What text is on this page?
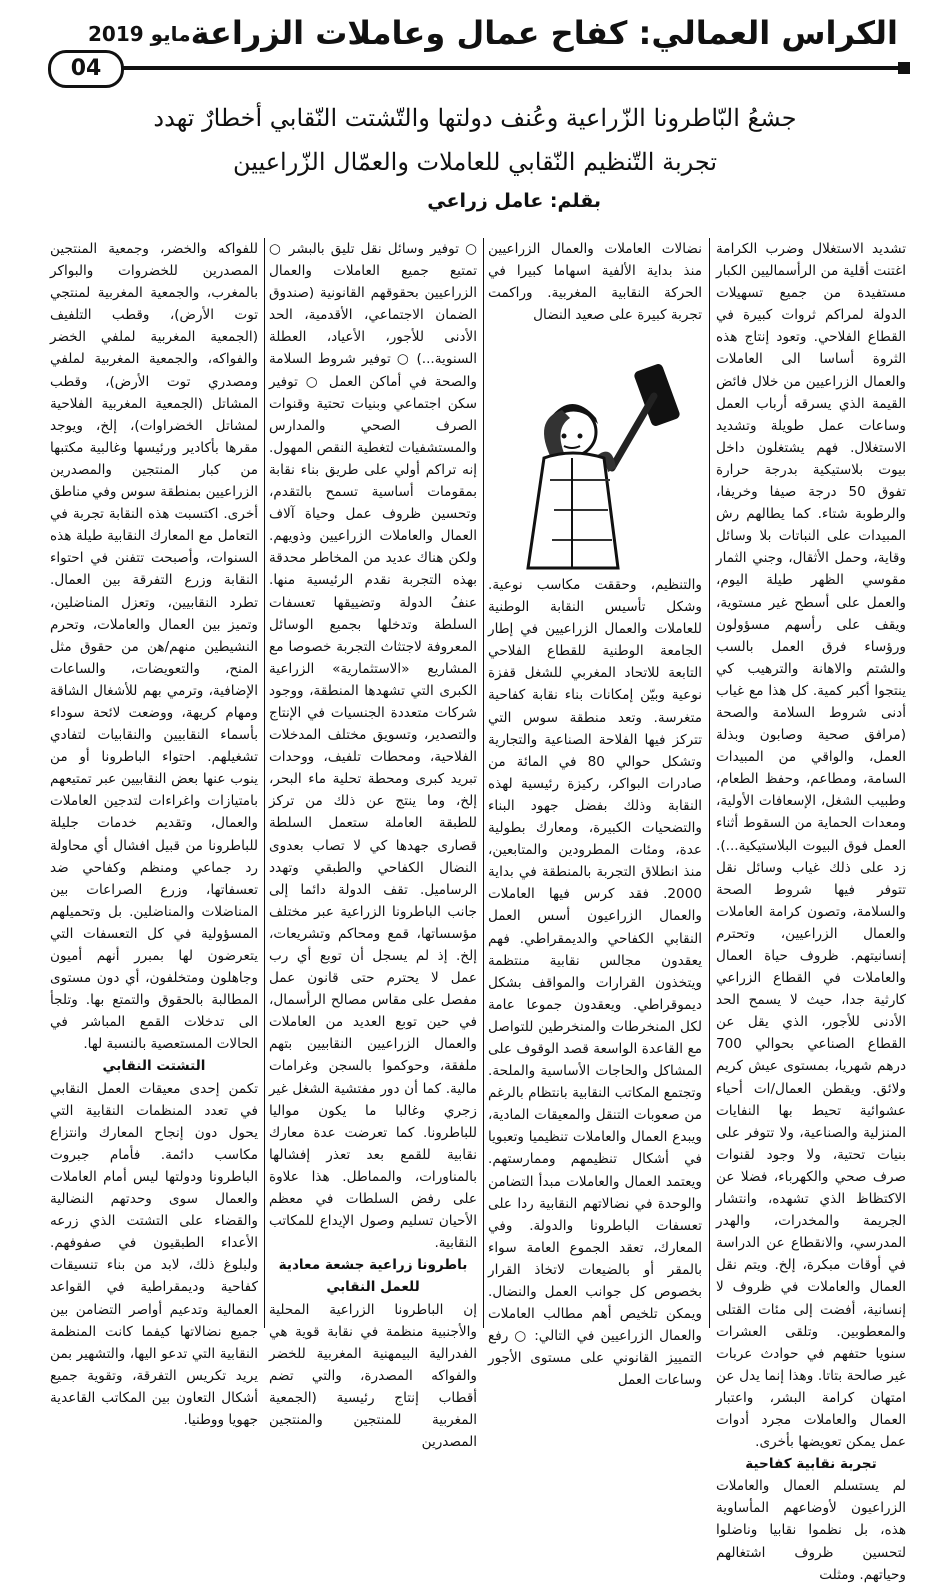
الكراس العمالي: كفاح عمال وعاملات الزراعة
مايو 2019
04
جشعُ البّاطرونا الزّراعية وعُنف دولتها والتّشتت النّقابي أخطارٌ تهدد
تجربة التّنظيم النّقابي للعاملات والعمّال الزّراعيين
بقلم: عامل زراعي

تشديد الاستغلال وضرب الكرامة اغتنت أقلية من الرأسماليين الكبار مستفيدة من جميع تسهيلات الدولة لمراكم ثروات كبيرة في القطاع الفلاحي. وتعود إنتاج هذه الثروة أساسا الى العاملات والعمال الزراعيين من خلال فائض القيمة الذي يسرقه أرباب العمل وساعات عمل طويلة وتشديد الاستغلال. فهم يشتغلون داخل بيوت بلاستيكية بدرجة حرارة تفوق 50 درجة صيفا وخريفا، والرطوبة شتاء. كما يطالهم رش المبيدات على النباتات بلا وسائل وقاية، وحمل الأثقال، وجني الثمار مقوسي الظهر طيلة اليوم، والعمل على أسطح غير مستوية، ويقف على رأسهم مسؤولون ورؤساء فرق العمل بالسب والشتم والاهانة والترهيب كي ينتجوا أكبر كمية. كل هذا مع غياب أدنى شروط السلامة والصحة (مرافق صحية وصابون وبذلة العمل، والواقي من المبيدات السامة، ومطاعم، وحفظ الطعام، وطبيب الشغل، الإسعافات الأولية، ومعدات الحماية من السقوط أثناء العمل فوق البيوت البلاستيكية...). زد على ذلك غياب وسائل نقل تتوفر فيها شروط الصحة والسلامة، وتصون كرامة العاملات والعمال الزراعيين، وتحترم إنسانيتهم. ظروف حياة العمال والعاملات في القطاع الزراعي كارثية جدا، حيث لا يسمح الحد الأدنى للأجور، الذي يقل عن القطاع الصناعي بحوالي 700 درهم شهريا، بمستوى عيش كريم ولائق. ويقطن العمال/ات أحياء عشوائية تحيط بها النفايات المنزلية والصناعية، ولا تتوفر على بنيات تحتية، ولا وجود لقنوات صرف صحي والكهرباء، فضلا عن الاكتظاظ الذي تشهده، وانتشار الجريمة والمخدرات، والهدر المدرسي، والانقطاع عن الدراسة في أوقات مبكرة، إلخ. ويتم نقل العمال والعاملات في ظروف لا إنسانية، أفضت إلى مئات القتلى والمعطوبين. وتلقى العشرات سنويا حتفهم في حوادث عربات غير صالحة بتاتا. وهذا إنما يدل عن امتهان كرامة البشر، واعتبار العمال والعاملات مجرد أدوات عمل يمكن تعويضها بأخرى.

تجربة نقابية كفاحية

لم يستسلم العمال والعاملات الزراعيون لأوضاعهم المأساوية هذه، بل نظموا نقابيا وناضلوا لتحسين ظروف اشتغالهم وحياتهم. ومثلت

نضالات العاملات والعمال الزراعيين منذ بداية الألفية اسهاما كبيرا في الحركة النقابية المغربية. وراكمت تجربة كبيرة على صعيد النضال

والتنظيم، وحققت مكاسب نوعية. وشكل تأسيس النقابة الوطنية للعاملات والعمال الزراعيين في إطار الجامعة الوطنية للقطاع الفلاحي التابعة للاتحاد المغربي للشغل قفزة نوعية وبيّن إمكانات بناء نقابة كفاحية متغرسة. وتعد منطقة سوس التي تتركز فيها الفلاحة الصناعية والتجارية وتشكل حوالي 80 في المائة من صادرات البواكر، ركيزة رئيسية لهذه النقابة وذلك بفضل جهود البناء والتضحيات الكبيرة، ومعارك بطولية عدة، ومئات المطرودين والمتابعين، منذ انطلاق التجربة بالمنطقة في بداية 2000. فقد كرس فيها العاملات والعمال الزراعيون أسس العمل النقابي الكفاحي والديمقراطي. فهم يعقدون مجالس نقابية منتظمة ويتخذون القرارات والمواقف بشكل ديموقراطي. ويعقدون جموعا عامة لكل المنخرطات والمنخرطين للتواصل مع القاعدة الواسعة قصد الوقوف على المشاكل والحاجات الأساسية والملحة. وتجتمع المكاتب النقابية بانتظام بالرغم من صعوبات التنقل والمعيقات المادية، ويبدع العمال والعاملات تنظيميا وتعبويا في أشكال تنظيمهم وممارستهم. ويعتمد العمال والعاملات مبدأ التضامن والوحدة في نضالاتهم النقابية ردا على تعسفات الباطرونا والدولة. وفي المعارك، تعقد الجموع العامة سواء بالمقر أو بالضيعات لاتخاذ القرار بخصوص كل جوانب العمل والنضال. ويمكن تلخيص أهم مطالب العاملات والعمال الزراعيين في التالي: ○ رفع التمييز القانوني على مستوى الأجور وساعات العمل

○ توفير وسائل نقل تليق بالبشر ○ تمتيع جميع العاملات والعمال الزراعيين بحقوقهم القانونية (صندوق الضمان الاجتماعي، الأقدمية، الحد الأدنى للأجور، الأعياد، العطلة السنوية...) ○ توفير شروط السلامة والصحة في أماكن العمل ○ توفير سكن اجتماعي وبنيات تحتية وقنوات الصرف الصحي والمدارس والمستشفيات لتغطية النقص المهول. إنه تراكم أولي على طريق بناء نقابة بمقومات أساسية تسمح بالتقدم، وتحسين ظروف عمل وحياة آلاف العمال والعاملات الزراعيين وذويهم. ولكن هناك عديد من المخاطر محدقة بهذه التجربة نقدم الرئيسية منها. عنفُ الدولة وتضييقها تعسفات السلطة وتدخلها بجميع الوسائل المعروفة لاجتثاث التجربة خصوصا مع المشاريع «الاستثمارية» الزراعية الكبرى التي تشهدها المنطقة، ووجود شركات متعددة الجنسيات في الإنتاج والتصدير، وتسويق مختلف المدخلات الفلاحية، ومحطات تلفيف، ووحدات تبريد كبرى ومحطة تحلية ماء البحر، إلخ، وما ينتج عن ذلك من تركز للطبقة العاملة ستعمل السلطة قصارى جهدها كي لا تصاب بعدوى النضال الكفاحي والطبقي وتهدد الرساميل. تقف الدولة دائما إلى جانب الباطرونا الزراعية عبر مختلف مؤسساتها، قمع ومحاكم وتشريعات، إلخ. إذ لم يسجل أن توبع أي رب عمل لا يحترم حتى قانون عمل مفصل على مقاس مصالح الرأسمال، في حين توبع العديد من العاملات والعمال الزراعيين النقابيين بتهم ملفقة، وحوكموا بالسجن وغرامات مالية. كما أن دور مفتشية الشغل غير زجري وغالبا ما يكون مواليا للباطرونا. كما تعرضت عدة معارك نقابية للقمع بعد تعذر إفشالها بالمناورات، والمماطل. هذا علاوة على رفض السلطات في معظم الأحيان تسليم وصول الإيداع للمكاتب النقابية.

باطرونا زراعية جشعة معادية للعمل النقابي

إن الباطرونا الزراعية المحلية والأجنبية منظمة في نقابة قوية هي الفدرالية البيمهنية المغربية للخضر والفواكه المصدرة، والتي تضم أقطاب إنتاج رئيسية (الجمعية المغربية للمنتجين والمنتجين المصدرين

للفواكه والخضر، وجمعية المنتجين المصدرين للخضروات والبواكر بالمغرب، والجمعية المغربية لمنتجي توت الأرض)، وقطب التلفيف (الجمعية المغربية لملفي الخضر والفواكه، والجمعية المغربية لملفي ومصدري توت الأرض)، وقطب المشاتل (الجمعية المغربية الفلاحية لمشاتل الخضراوات)، إلخ، ويوجد مقرها بأكادير ورئيسها وغالبية مكتبها من كبار المنتجين والمصدرين الزراعيين بمنطقة سوس وفي مناطق أخرى. اكتسبت هذه النقابة تجربة في التعامل مع المعارك النقابية طيلة هذه السنوات، وأصبحت تتفنن في احتواء النقابة وزرع التفرقة بين العمال. تطرد النقابيين، وتعزل المناضلين، وتميز بين العمال والعاملات، وتحرم النشيطين منهم/هن من حقوق مثل المنح، والتعويضات، والساعات الإضافية، وترمي بهم للأشغال الشاقة ومهام كريهة، ووضعت لائحة سوداء بأسماء النقابيين والنقابيات لتفادي تشغيلهم. احتواء الباطرونا أو من ينوب عنها بعض النقابيين عبر تمتيعهم بامتيازات واغراءات لتدجين العاملات والعمال، وتقديم خدمات جليلة للباطرونا من قبيل افشال أي محاولة رد جماعي ومنظم وكفاحي ضد تعسفاتها، وزرع الصراعات بين المناضلات والمناضلين. بل وتحميلهم المسؤولية في كل التعسفات التي يتعرضون لها بمبرر أنهم أميون وجاهلون ومتخلفون، أي دون مستوى المطالبة بالحقوق والتمتع بها. وتلجأ الى تدخلات القمع المباشر في الحالات المستعصية بالنسبة لها.

التشتت النقابي

تكمن إحدى معيقات العمل النقابي في تعدد المنظمات النقابية التي يحول دون إنجاح المعارك وانتزاع مكاسب دائمة. فأمام جبروت الباطرونا ودولتها ليس أمام العاملات والعمال سوى وحدتهم النضالية والقضاء على التشتت الذي زرعه الأعداء الطبقيون في صفوفهم. ولبلوغ ذلك، لابد من بناء تنسيقات كفاحية وديمقراطية في القواعد العمالية وتدعيم أواصر التضامن بين جميع نضالاتها كيفما كانت المنظمة النقابية التي تدعو اليها، والتشهير بمن يريد تكريس التفرقة، وتقوية جميع أشكال التعاون بين المكاتب القاعدية جهويا ووطنيا.
